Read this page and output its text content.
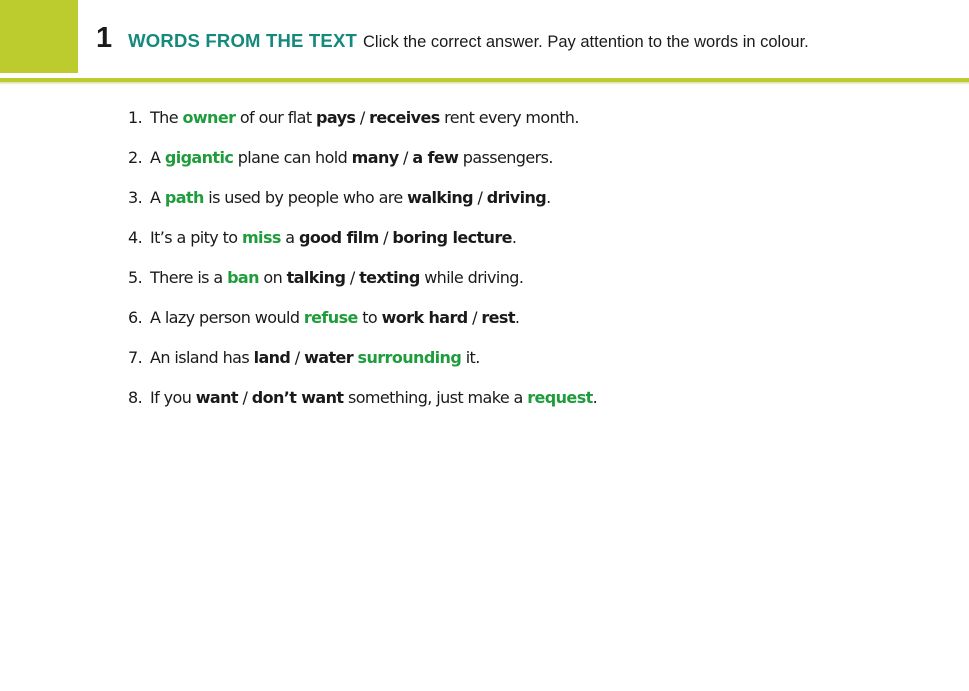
1 WORDS FROM THE TEXT Click the correct answer. Pay attention to the words in colour.
1. The owner of our flat pays / receives rent every month.
2. A gigantic plane can hold many / a few passengers.
3. A path is used by people who are walking / driving.
4. It’s a pity to miss a good film / boring lecture.
5. There is a ban on talking / texting while driving.
6. A lazy person would refuse to work hard / rest.
7. An island has land / water surrounding it.
8. If you want / don’t want something, just make a request.
